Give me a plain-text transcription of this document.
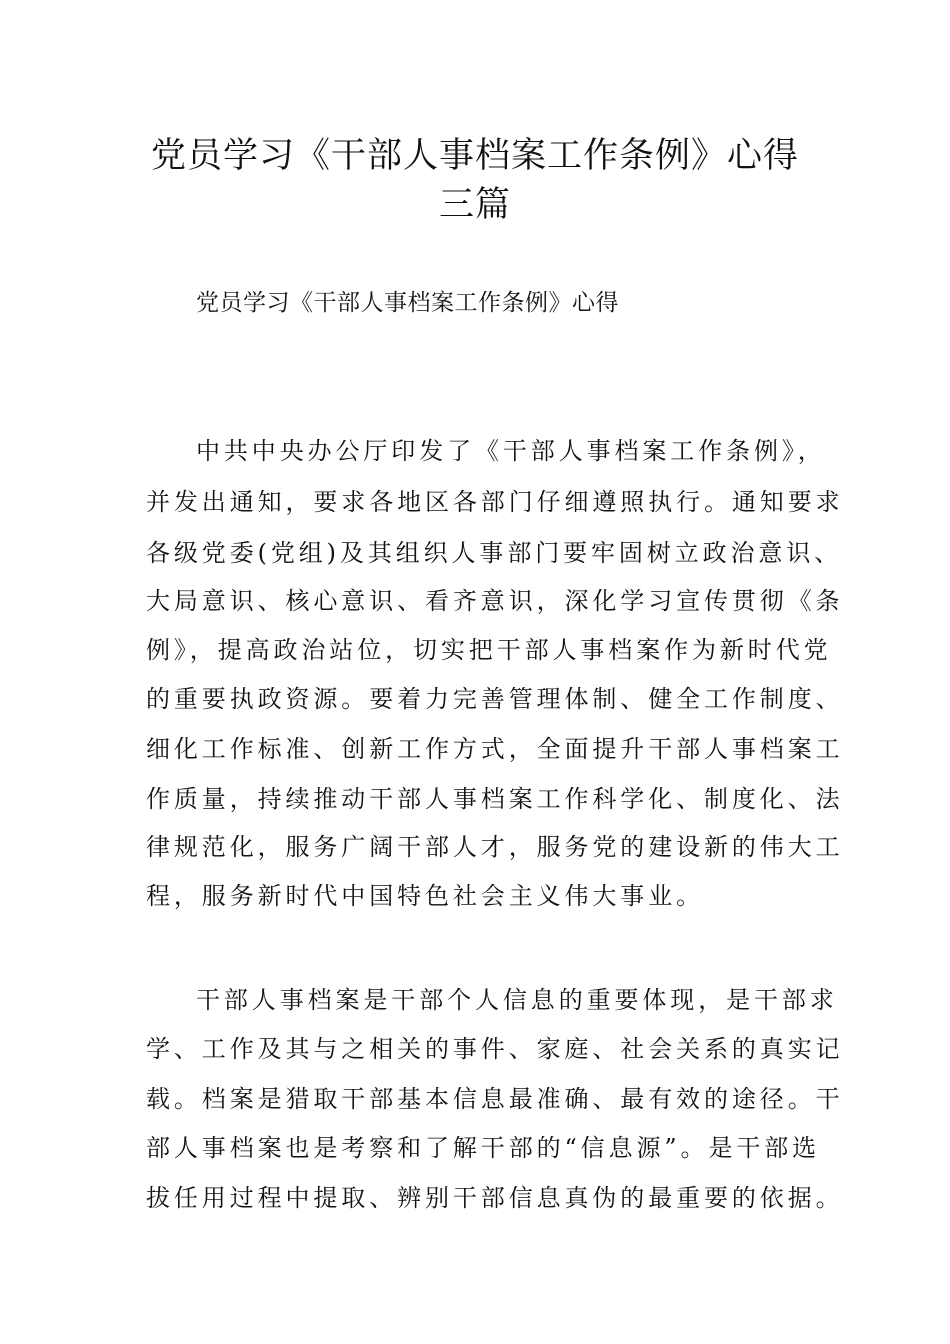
党员学习《干部人事档案工作条例》心得
三篇
党员学习《干部人事档案工作条例》心得
中共中央办公厅印发了《干部人事档案工作条例》，
并发出通知，要求各地区各部门仔细遵照执行。通知要求
各级党委(党组)及其组织人事部门要牢固树立政治意识、
大局意识、核心意识、看齐意识，深化学习宣传贯彻《条
例》，提高政治站位，切实把干部人事档案作为新时代党
的重要执政资源。要着力完善管理体制、健全工作制度、
细化工作标准、创新工作方式，全面提升干部人事档案工
作质量，持续推动干部人事档案工作科学化、制度化、法
律规范化，服务广阔干部人才，服务党的建设新的伟大工
程，服务新时代中国特色社会主义伟大事业。
干部人事档案是干部个人信息的重要体现，是干部求
学、工作及其与之相关的事件、家庭、社会关系的真实记
载。档案是猎取干部基本信息最准确、最有效的途径。干
部人事档案也是考察和了解干部的“信息源”。是干部选
拔任用过程中提取、辨别干部信息真伪的最重要的依据。
